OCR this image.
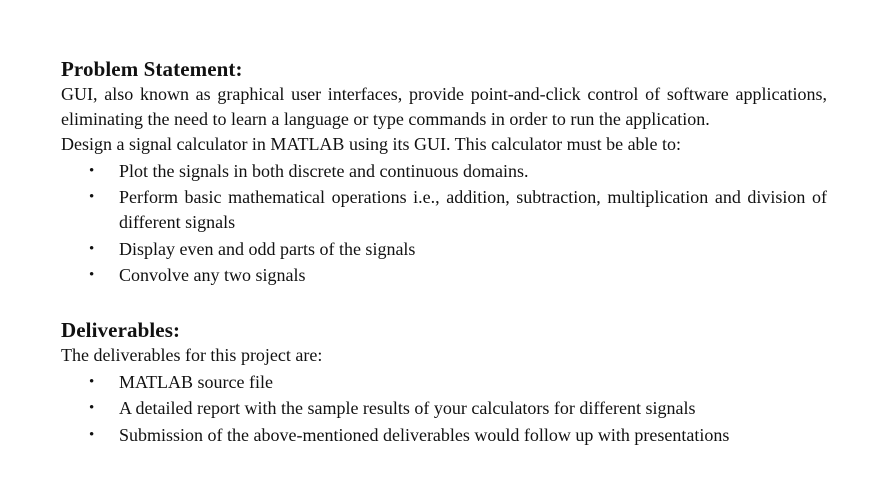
Problem Statement:

GUI, also known as graphical user interfaces, provide point-and-click control of software applications, eliminating the need to learn a language or type commands in order to run the application.

Design a signal calculator in MATLAB using its GUI. This calculator must be able to:

• Plot the signals in both discrete and continuous domains.
• Perform basic mathematical operations i.e., addition, subtraction, multiplication and division of different signals
• Display even and odd parts of the signals
• Convolve any two signals
Deliverables:

The deliverables for this project are:

• MATLAB source file
• A detailed report with the sample results of your calculators for different signals
• Submission of the above-mentioned deliverables would follow up with presentations
